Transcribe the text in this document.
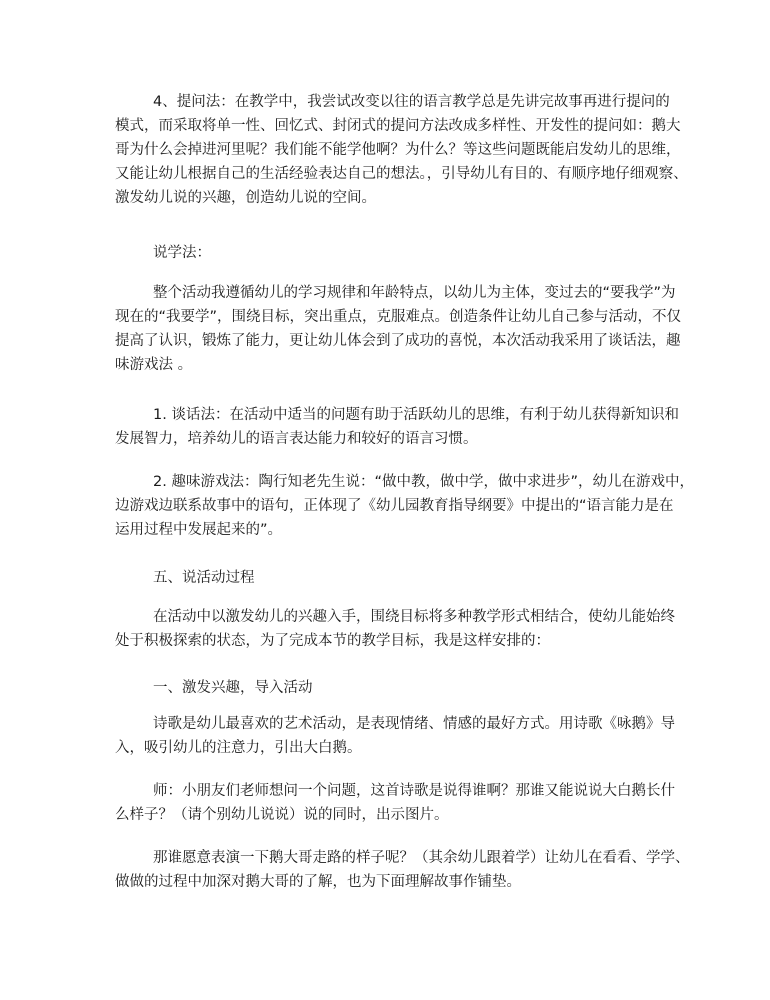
4、提问法：在教学中，我尝试改变以往的语言教学总是先讲完故事再进行提问的
模式，而采取将单一性、回忆式、封闭式的提问方法改成多样性、开发性的提问如：鹅大
哥为什么会掉进河里呢？我们能不能学他啊？为什么？等这些问题既能启发幼儿的思维，
又能让幼儿根据自己的生活经验表达自己的想法。，引导幼儿有目的、有顺序地仔细观察、
激发幼儿说的兴趣，创造幼儿说的空间。
说学法：
整个活动我遵循幼儿的学习规律和年龄特点，以幼儿为主体，变过去的“要我学”为
现在的“我要学”，围绕目标，突出重点，克服难点。创造条件让幼儿自己参与活动，不仅
提高了认识，锻炼了能力，更让幼儿体会到了成功的喜悦，本次活动我采用了谈话法，趣
味游戏法 。
1. 谈话法：在活动中适当的问题有助于活跃幼儿的思维，有利于幼儿获得新知识和
发展智力，培养幼儿的语言表达能力和较好的语言习惯。
2. 趣味游戏法：陶行知老先生说：“做中教，做中学，做中求进步”，幼儿在游戏中，
边游戏边联系故事中的语句，正体现了《幼儿园教育指导纲要》中提出的“语言能力是在
运用过程中发展起来的”。
五、说活动过程
在活动中以激发幼儿的兴趣入手，围绕目标将多种教学形式相结合，使幼儿能始终
处于积极探索的状态，为了完成本节的教学目标，我是这样安排的：
一、激发兴趣，导入活动
诗歌是幼儿最喜欢的艺术活动，是表现情绪、情感的最好方式。用诗歌《咏鹅》导
入，吸引幼儿的注意力，引出大白鹅。
师：小朋友们老师想问一个问题，这首诗歌是说得谁啊？那谁又能说说大白鹅长什
么样子？（请个别幼儿说说）说的同时，出示图片。
那谁愿意表演一下鹅大哥走路的样子呢？（其余幼儿跟着学）让幼儿在看看、学学、
做做的过程中加深对鹅大哥的了解，也为下面理解故事作铺垫。
